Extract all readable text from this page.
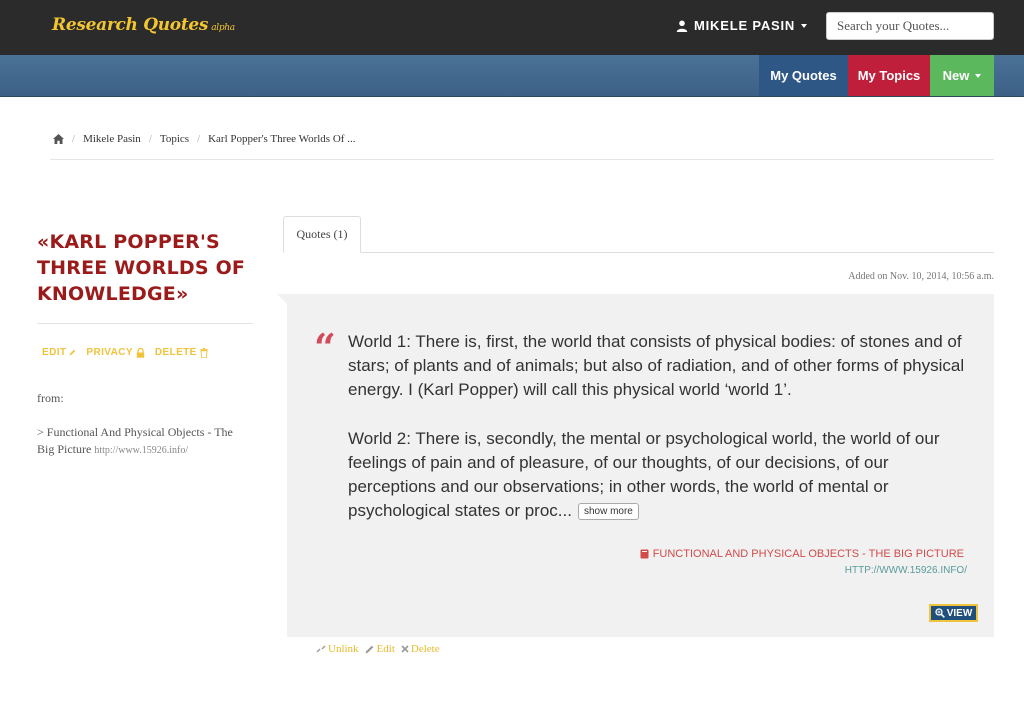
Research Quotes alpha	MIKELE PASIN
Search your Quotes...
My Quotes My Topics New
/ Mikele Pasin / Topics / Karl Popper's Three Worlds Of ...
«KARL POPPER'S THREE WORLDS OF KNOWLEDGE»
EDIT PRIVACY DELETE
from:
> Functional And Physical Objects - The Big Picture http://www.15926.info/
Quotes (1)
Added on Nov. 10, 2014, 10:56 a.m.
“ World 1: There is, first, the world that consists of physical bodies: of stones and of stars; of plants and of animals; but also of radiation, and of other forms of physical energy. I (Karl Popper) will call this physical world ‘world 1’.

World 2: There is, secondly, the mental or psychological world, the world of our feelings of pain and of pleasure, of our thoughts, of our decisions, of our perceptions and our observations; in other words, the world of mental or psychological states or proc... show more
FUNCTIONAL AND PHYSICAL OBJECTS - THE BIG PICTURE
HTTP://WWW.15926.INFO/
VIEW
Unlink Edit Delete
